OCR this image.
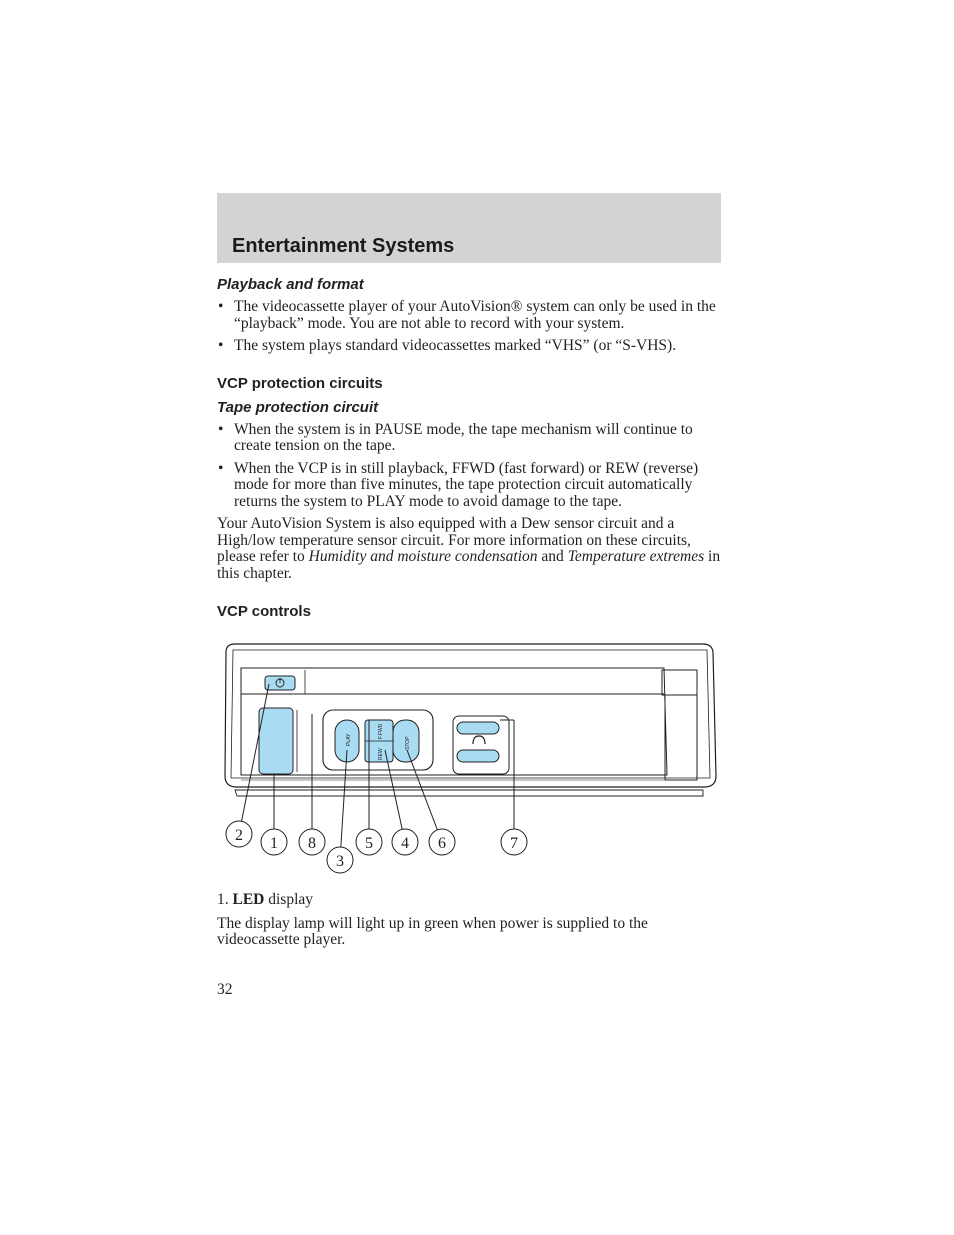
Entertainment Systems
Playback and format

• The videocassette player of your AutoVision® system can only be used in the “playback” mode. You are not able to record with your system.

• The system plays standard videocassettes marked “VHS” (or “S-VHS).

VCP protection circuits
Tape protection circuit

• When the system is in PAUSE mode, the tape mechanism will continue to create tension on the tape.

• When the VCP is in still playback, FFWD (fast forward) or REW (reverse) mode for more than five minutes, the tape protection circuit automatically returns the system to PLAY mode to avoid damage to the tape.

Your AutoVision System is also equipped with a Dew sensor circuit and a High/low temperature sensor circuit. For more information on these circuits, please refer to Humidity and moisture condensation and Temperature extremes in this chapter.

VCP controls
PLAY
F.FWD
REW
STOP
2 1 8
3
5 4 6	7

1. LED display

The display lamp will light up in green when power is supplied to the videocassette player.

32
